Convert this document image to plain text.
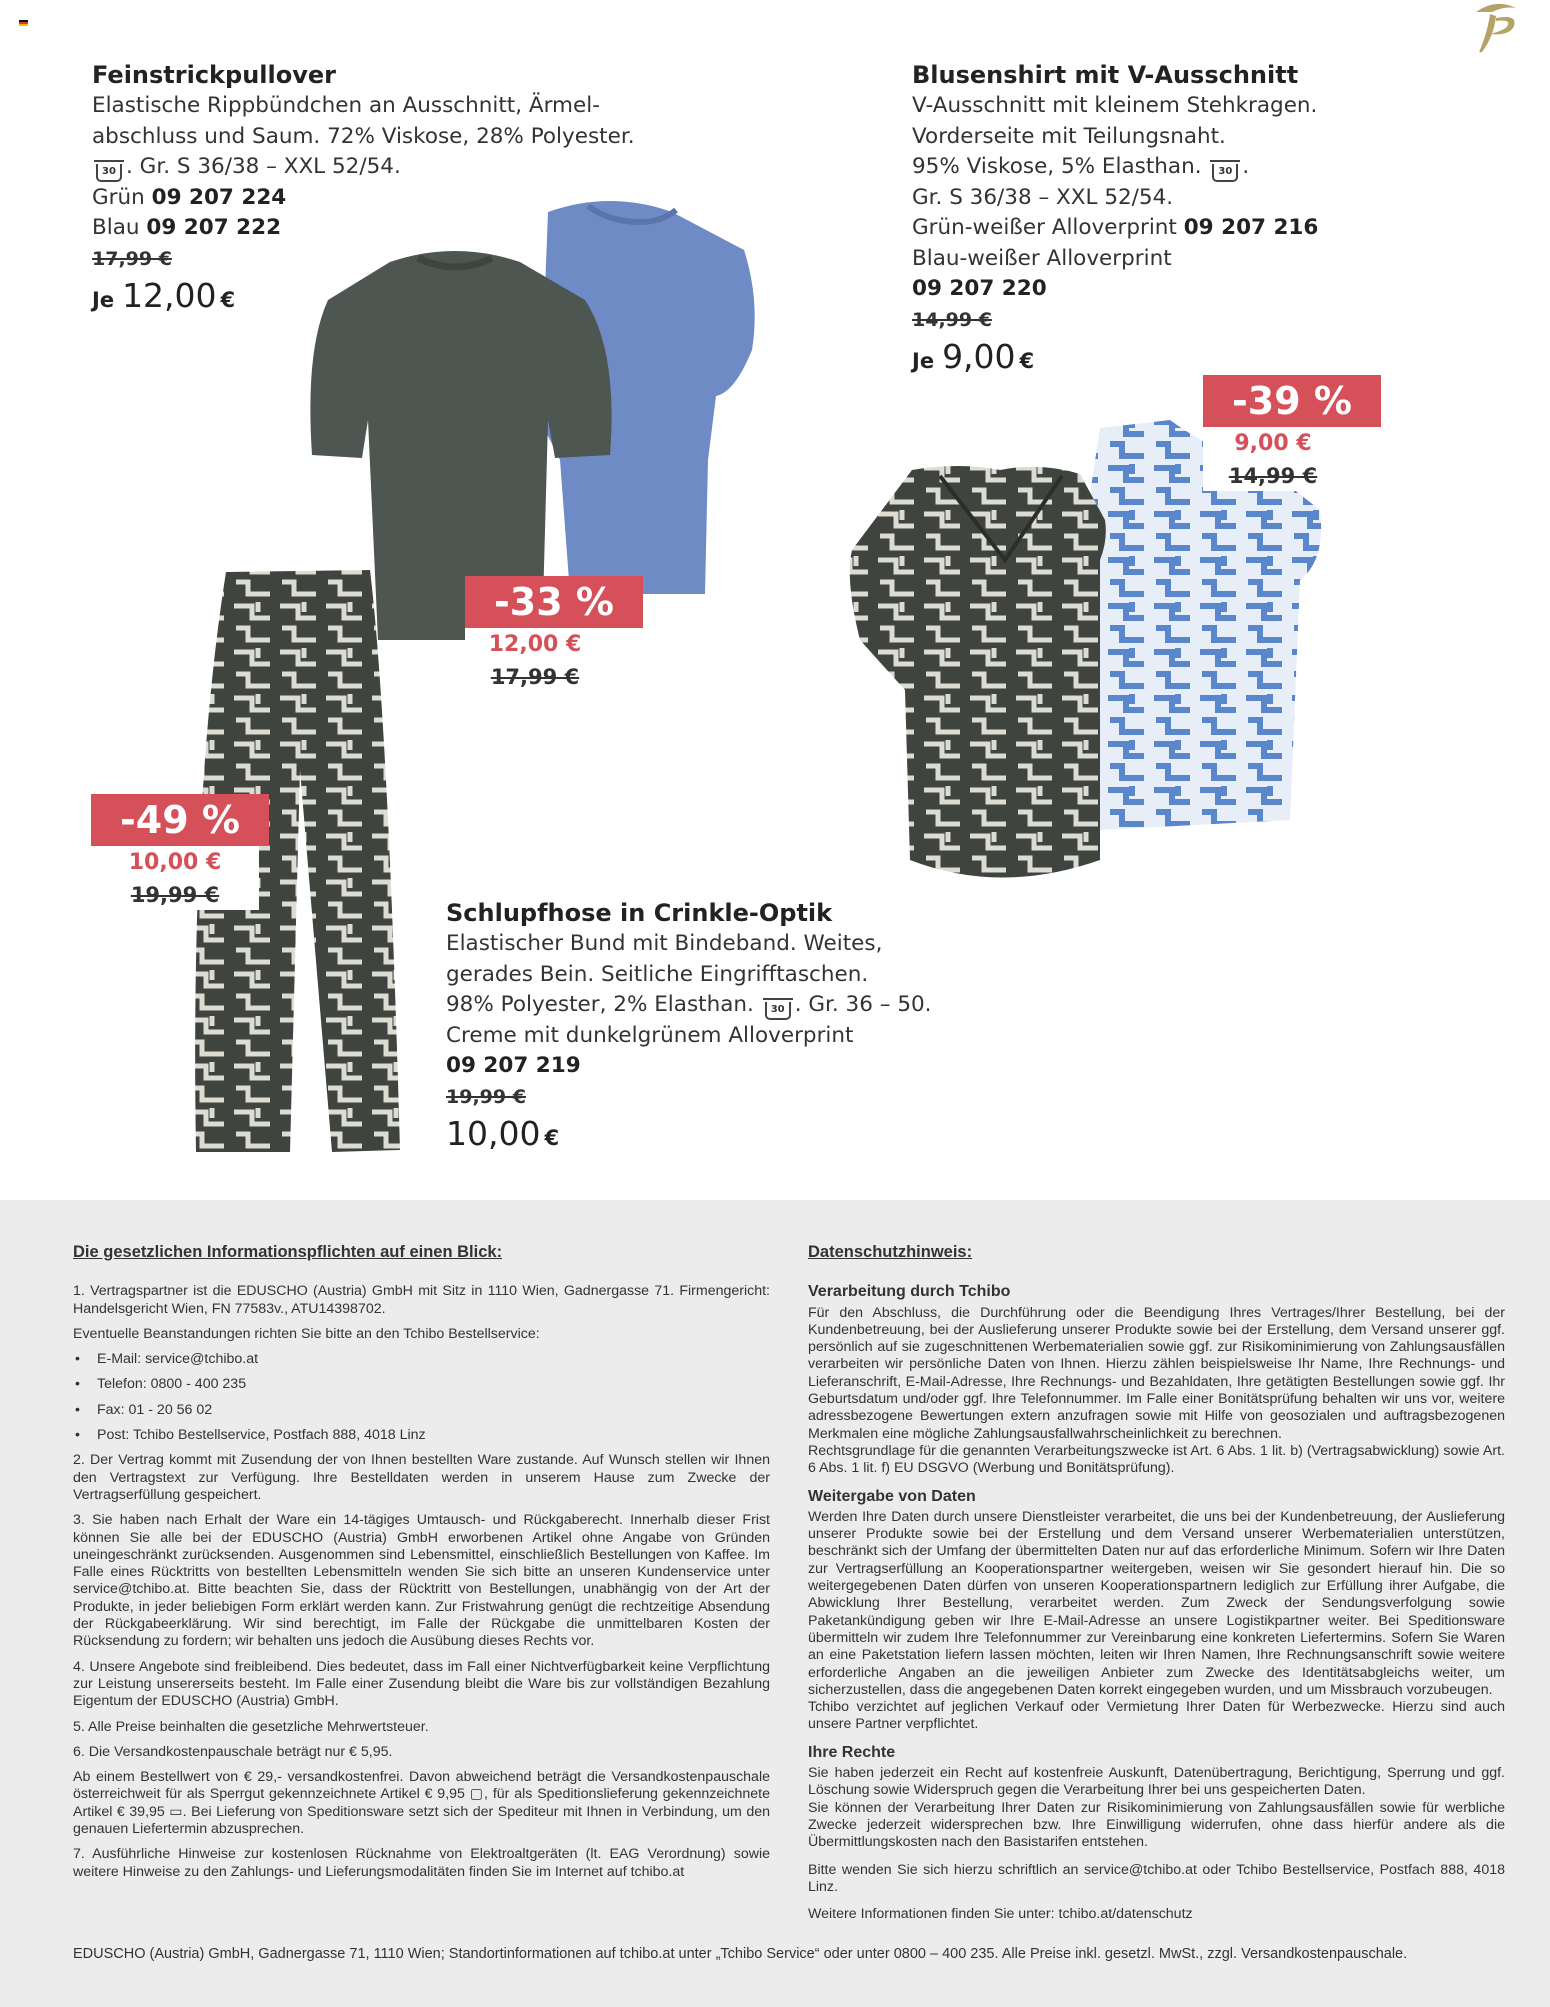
Feinstrickpullover
Elastische Rippbündchen an Ausschnitt, Ärmel-
abschluss und Saum. 72% Viskose, 28% Polyester.
30 . Gr. S 36/38 – XXL 52/54.
Grün 09 207 224
Blau 09 207 222
17,99 €
Je 12,00 €
Blusenshirt mit V-Ausschnitt
V-Ausschnitt mit kleinem Stehkragen.
Vorderseite mit Teilungsnaht.
95% Viskose, 5% Elasthan. 30 .
Gr. S 36/38 – XXL 52/54.
Grün-weißer Alloverprint 09 207 216
Blau-weißer Alloverprint
09 207 220
14,99 €
Je 9,00 €
Schlupfhose in Crinkle-Optik
Elastischer Bund mit Bindeband. Weites,
gerades Bein. Seitliche Eingrifftaschen.
98% Polyester, 2% Elasthan. 30 . Gr. 36 – 50.
Creme mit dunkelgrünem Alloverprint
09 207 219
19,99 €
10,00 €
-33 %
12,00 €
17,99 €
-39 %
9,00 €
14,99 €
-49 %
10,00 €
19,99 €
Die gesetzlichen Informationspflichten auf einen Blick:

1. Vertragspartner ist die EDUSCHO (Austria) GmbH mit Sitz in 1110 Wien, Gadnergasse 71. Firmengericht: Handelsgericht Wien, FN 77583v., ATU14398702.

Eventuelle Beanstandungen richten Sie bitte an den Tchibo Bestellservice:

• E-Mail: service@tchibo.at
• Telefon: 0800 - 400 235
• Fax: 01 - 20 56 02
• Post: Tchibo Bestellservice, Postfach 888, 4018 Linz

2. Der Vertrag kommt mit Zusendung der von Ihnen bestellten Ware zustande. Auf Wunsch stellen wir Ihnen den Vertragstext zur Verfügung. Ihre Bestelldaten werden in unserem Hause zum Zwecke der Vertragserfüllung gespeichert.

3. Sie haben nach Erhalt der Ware ein 14-tägiges Umtausch- und Rückgaberecht. Innerhalb dieser Frist können Sie alle bei der EDUSCHO (Austria) GmbH erworbenen Artikel ohne Angabe von Gründen uneingeschränkt zurücksenden. Ausgenommen sind Lebensmittel, einschließlich Bestellungen von Kaffee. Im Falle eines Rücktritts von bestellten Lebensmitteln wenden Sie sich bitte an unseren Kundenservice unter service@tchibo.at. Bitte beachten Sie, dass der Rücktritt von Bestellungen, unabhängig von der Art der Produkte, in jeder beliebigen Form erklärt werden kann. Zur Fristwahrung genügt die rechtzeitige Absendung der Rückgabeerklärung. Wir sind berechtigt, im Falle der Rückgabe die unmittelbaren Kosten der Rücksendung zu fordern; wir behalten uns jedoch die Ausübung dieses Rechts vor.

4. Unsere Angebote sind freibleibend. Dies bedeutet, dass im Fall einer Nichtverfügbarkeit keine Verpflichtung zur Leistung unsererseits besteht. Im Falle einer Zusendung bleibt die Ware bis zur vollständigen Bezahlung Eigentum der EDUSCHO (Austria) GmbH.

5. Alle Preise beinhalten die gesetzliche Mehrwertsteuer.

6. Die Versandkostenpauschale beträgt nur € 5,95.

Ab einem Bestellwert von € 29,- versandkostenfrei. Davon abweichend beträgt die Versandkostenpauschale österreichweit für als Sperrgut gekennzeichnete Artikel € 9,95 ▢, für als Speditionslieferung gekennzeichnete Artikel € 39,95 ▭. Bei Lieferung von Speditionsware setzt sich der Spediteur mit Ihnen in Verbindung, um den genauen Liefertermin abzusprechen.

7. Ausführliche Hinweise zur kostenlosen Rücknahme von Elektroaltgeräten (lt. EAG Verordnung) sowie weitere Hinweise zu den Zahlungs- und Lieferungsmodalitäten finden Sie im Internet auf tchibo.at

Datenschutzhinweis:
Verarbeitung durch Tchibo

Für den Abschluss, die Durchführung oder die Beendigung Ihres Vertrages/Ihrer Bestellung, bei der Kundenbetreuung, bei der Auslieferung unserer Produkte sowie bei der Erstellung, dem Versand unserer ggf. persönlich auf sie zugeschnittenen Werbematerialien sowie ggf. zur Risikominimierung von Zahlungsausfällen verarbeiten wir persönliche Daten von Ihnen. Hierzu zählen beispielsweise Ihr Name, Ihre Rechnungs- und Lieferanschrift, E-Mail-Adresse, Ihre Rechnungs- und Bezahldaten, Ihre getätigten Bestellungen sowie ggf. Ihr Geburtsdatum und/oder ggf. Ihre Telefonnummer. Im Falle einer Bonitätsprüfung behalten wir uns vor, weitere adressbezogene Bewertungen extern anzufragen sowie mit Hilfe von geosozialen und auftragsbezogenen Merkmalen eine mögliche Zahlungsausfallwahrscheinlichkeit zu berechnen.

Rechtsgrundlage für die genannten Verarbeitungszwecke ist Art. 6 Abs. 1 lit. b) (Vertragsabwicklung) sowie Art. 6 Abs. 1 lit. f) EU DSGVO (Werbung und Bonitätsprüfung).

Weitergabe von Daten

Werden Ihre Daten durch unsere Dienstleister verarbeitet, die uns bei der Kundenbetreuung, der Auslieferung unserer Produkte sowie bei der Erstellung und dem Versand unserer Werbematerialien unterstützen, beschränkt sich der Umfang der übermittelten Daten nur auf das erforderliche Minimum. Sofern wir Ihre Daten zur Vertragserfüllung an Kooperationspartner weitergeben, weisen wir Sie gesondert hierauf hin. Die so weitergegebenen Daten dürfen von unseren Kooperationspartnern lediglich zur Erfüllung ihrer Aufgabe, die Abwicklung Ihrer Bestellung, verarbeitet werden. Zum Zweck der Sendungsverfolgung sowie Paketankündigung geben wir Ihre E-Mail-Adresse an unsere Logistikpartner weiter. Bei Speditionsware übermitteln wir zudem Ihre Telefonnummer zur Vereinbarung eine konkreten Liefertermins. Sofern Sie Waren an eine Paketstation liefern lassen möchten, leiten wir Ihren Namen, Ihre Rechnungsanschrift sowie weitere erforderliche Angaben an die jeweiligen Anbieter zum Zwecke des Identitätsabgleichs weiter, um sicherzustellen, dass die angegebenen Daten korrekt eingegeben wurden, und um Missbrauch vorzubeugen.

Tchibo verzichtet auf jeglichen Verkauf oder Vermietung Ihrer Daten für Werbezwecke. Hierzu sind auch unsere Partner verpflichtet.

Ihre Rechte

Sie haben jederzeit ein Recht auf kostenfreie Auskunft, Datenübertragung, Berichtigung, Sperrung und ggf. Löschung sowie Widerspruch gegen die Verarbeitung Ihrer bei uns gespeicherten Daten.

Sie können der Verarbeitung Ihrer Daten zur Risikominimierung von Zahlungsausfällen sowie für werbliche Zwecke jederzeit widersprechen bzw. Ihre Einwilligung widerrufen, ohne dass hierfür andere als die Übermittlungskosten nach den Basistarifen entstehen.

Bitte wenden Sie sich hierzu schriftlich an service@tchibo.at oder Tchibo Bestellservice, Postfach 888, 4018 Linz.

Weitere Informationen finden Sie unter: tchibo.at/datenschutz

EDUSCHO (Austria) GmbH, Gadnergasse 71, 1110 Wien; Standortinformationen auf tchibo.at unter „Tchibo Service“ oder unter 0800 – 400 235. Alle Preise inkl. gesetzl. MwSt., zzgl. Versandkostenpauschale.
